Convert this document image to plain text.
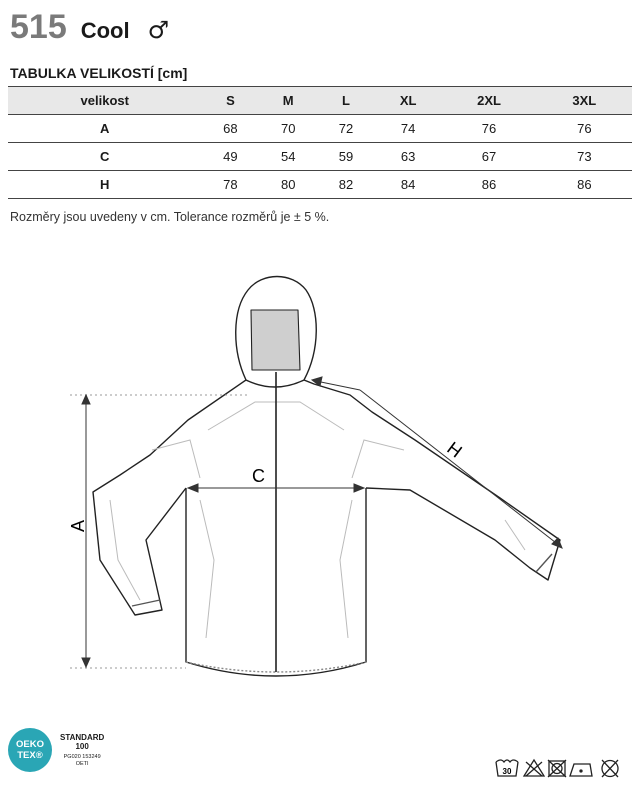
515 Cool ♂
TABULKA VELIKOSTÍ [cm]
velikost	S	M	L	XL	2XL	3XL
A	68	70	72	74	76	76
C	49	54	59	63	67	73
H	78	80	82	84	86	86
Rozměry jsou uvedeny v cm. Tolerance rozměrů je ± 5 %.
A
C
H
OEKO
TEX®
STANDARD
100
PG020 153249
OETI
30
